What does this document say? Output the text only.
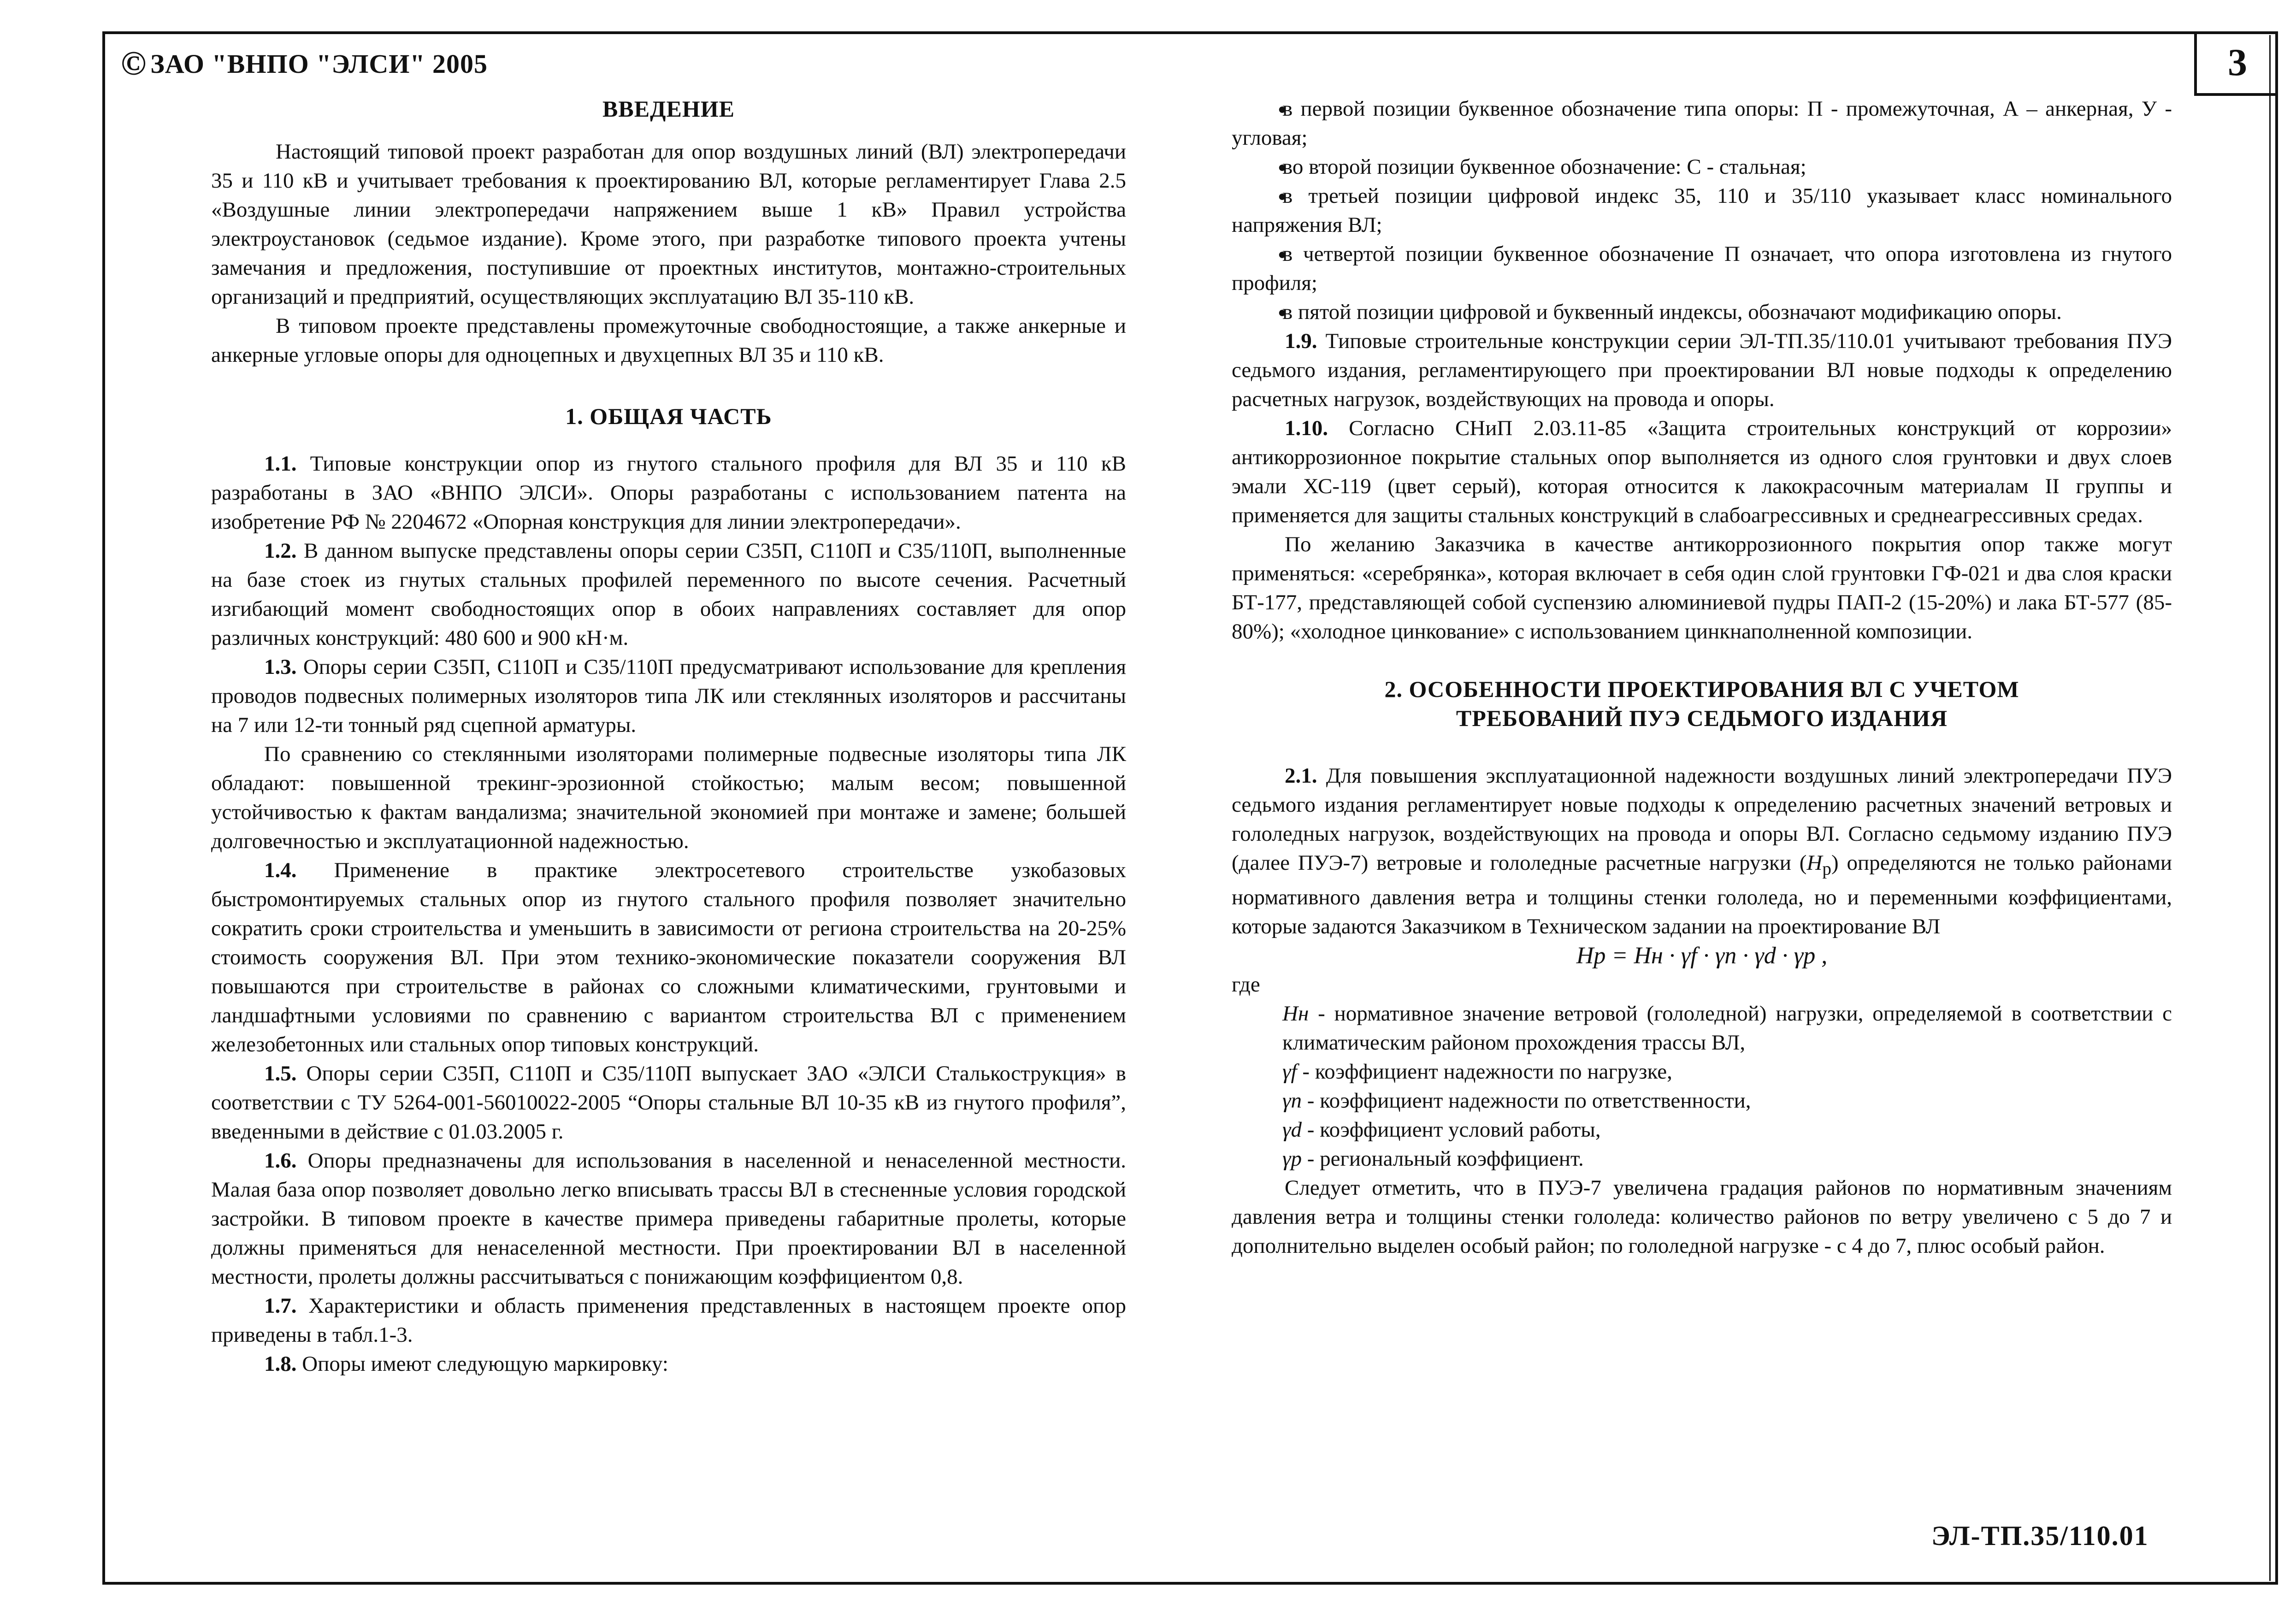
© ЗАО "ВНПО "ЭЛСИ" 2005	3

ВВЕДЕНИЕ

Настоящий типовой проект разработан для опор воздушных линий (ВЛ) электропередачи 35 и 110 кВ и учитывает требования к проектированию ВЛ, которые регламентирует Глава 2.5 «Воздушные линии электропередачи напряжением выше 1 кВ» Правил устройства электроустановок (седьмое издание). Кроме этого, при разработке типового проекта учтены замечания и предложения, поступившие от проектных институтов, монтажно-строительных организаций и предприятий, осуществляющих эксплуатацию ВЛ 35-110 кВ.

В типовом проекте представлены промежуточные свободностоящие, а также анкерные и анкерные угловые опоры для одноцепных и двухцепных ВЛ 35 и 110 кВ.

1. ОБЩАЯ ЧАСТЬ

1.1. Типовые конструкции опор из гнутого стального профиля для ВЛ 35 и 110 кВ разработаны в ЗАО «ВНПО ЭЛСИ». Опоры разработаны с использованием патента на изобретение РФ № 2204672 «Опорная конструкция для линии электропередачи».

1.2. В данном выпуске представлены опоры серии С35П, С110П и С35/110П, выполненные на базе стоек из гнутых стальных профилей переменного по высоте сечения. Расчетный изгибающий момент свободностоящих опор в обоих направлениях составляет для опор различных конструкций: 480 600 и 900 кН·м.

1.3. Опоры серии С35П, С110П и С35/110П предусматривают использование для крепления проводов подвесных полимерных изоляторов типа ЛК или стеклянных изоляторов и рассчитаны на 7 или 12-ти тонный ряд сцепной арматуры.

По сравнению со стеклянными изоляторами полимерные подвесные изоляторы типа ЛК обладают: повышенной трекинг-эрозионной стойкостью; малым весом; повышенной устойчивостью к фактам вандализма; значительной экономией при монтаже и замене; большей долговечностью и эксплуатационной надежностью.

1.4. Применение в практике электросетевого строительстве узкобазовых быстромонтируемых стальных опор из гнутого стального профиля позволяет значительно сократить сроки строительства и уменьшить в зависимости от региона строительства на 20-25% стоимость сооружения ВЛ. При этом технико-экономические показатели сооружения ВЛ повышаются при строительстве в районах со сложными климатическими, грунтовыми и ландшафтными условиями по сравнению с вариантом строительства ВЛ с применением железобетонных или стальных опор типовых конструкций.

1.5. Опоры серии С35П, С110П и С35/110П выпускает ЗАО «ЭЛСИ Сталькострукция» в соответствии с ТУ 5264-001-56010022-2005 “Опоры стальные ВЛ 10-35 кВ из гнутого профиля”, введенными в действие с 01.03.2005 г.

1.6. Опоры предназначены для использования в населенной и ненаселенной местности. Малая база опор позволяет довольно легко вписывать трассы ВЛ в стесненные условия городской застройки. В типовом проекте в качестве примера приведены габаритные пролеты, которые должны применяться для ненаселенной местности. При проектировании ВЛ в населенной местности, пролеты должны рассчитываться с понижающим коэффициентом 0,8.

1.7. Характеристики и область применения представленных в настоящем проекте опор приведены в табл.1-3.

1.8. Опоры имеют следующую маркировку:

● в первой позиции буквенное обозначение типа опоры: П - промежуточная, А – анкерная, У - угловая;
● во второй позиции буквенное обозначение: С - стальная;
● в третьей позиции цифровой индекс 35, 110 и 35/110 указывает класс номинального напряжения ВЛ;
● в четвертой позиции буквенное обозначение П означает, что опора изготовлена из гнутого профиля;
● в пятой позиции цифровой и буквенный индексы, обозначают модификацию опоры.

1.9. Типовые строительные конструкции серии ЭЛ-ТП.35/110.01 учитывают требования ПУЭ седьмого издания, регламентирующего при проектировании ВЛ новые подходы к определению расчетных нагрузок, воздействующих на провода и опоры.

1.10. Согласно СНиП 2.03.11-85 «Защита строительных конструкций от коррозии» антикоррозионное покрытие стальных опор выполняется из одного слоя грунтовки и двух слоев эмали ХС-119 (цвет серый), которая относится к лакокрасочным материалам II группы и применяется для защиты стальных конструкций в слабоагрессивных и среднеагрессивных средах.

По желанию Заказчика в качестве антикоррозионного покрытия опор также могут применяться: «серебрянка», которая включает в себя один слой грунтовки ГФ-021 и два слоя краски БТ-177, представляющей собой суспензию алюминиевой пудры ПАП-2 (15-20%) и лака БТ-577 (85-80%); «холодное цинкование» с использованием цинкнаполненной композиции.

2. ОСОБЕННОСТИ ПРОЕКТИРОВАНИЯ ВЛ С УЧЕТОМ

ТРЕБОВАНИЙ ПУЭ СЕДЬМОГО ИЗДАНИЯ

2.1. Для повышения эксплуатационной надежности воздушных линий электропередачи ПУЭ седьмого издания регламентирует новые подходы к определению расчетных значений ветровых и гололедных нагрузок, воздействующих на провода и опоры ВЛ. Согласно седьмому изданию ПУЭ (далее ПУЭ-7) ветровые и гололедные расчетные нагрузки $(H_р)$ определяются не только районами нормативного давления ветра и толщины стенки гололеда, но и переменными коэффициентами, которые задаются Заказчиком в Техническом задании на проектирование ВЛ

Hр = Hн · γf · γn · γd · γр ,

где

Hн - нормативное значение ветровой (гололедной) нагрузки, определяемой в соответствии с климатическим районом прохождения трассы ВЛ,

γf - коэффициент надежности по нагрузке,

γn - коэффициент надежности по ответственности,

γd - коэффициент условий работы,

γр - региональный коэффициент.

Следует отметить, что в ПУЭ-7 увеличена градация районов по нормативным значениям давления ветра и толщины стенки гололеда: количество районов по ветру увеличено с 5 до 7 и дополнительно выделен особый район; по гололедной нагрузке - с 4 до 7, плюс особый район.

ЭЛ-ТП.35/110.01
